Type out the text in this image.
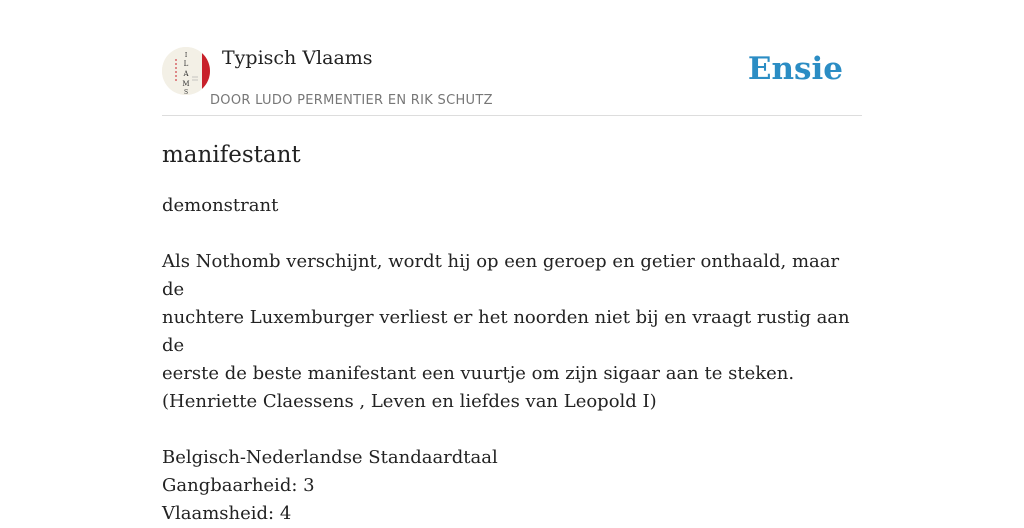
I
L
A
M
S
Typisch Vlaams
DOOR LUDO PERMENTIER EN RIK SCHUTZ
Ensie
manifestant

demonstrant

Als Nothomb verschijnt, wordt hij op een geroep en getier onthaald, maar de

nuchtere Luxemburger verliest er het noorden niet bij en vraagt rustig aan de

eerste de beste manifestant een vuurtje om zijn sigaar aan te steken.

(Henriette Claessens , Leven en liefdes van Leopold I)

Belgisch-Nederlandse Standaardtaal

Gangbaarheid: 3

Vlaamsheid: 4
